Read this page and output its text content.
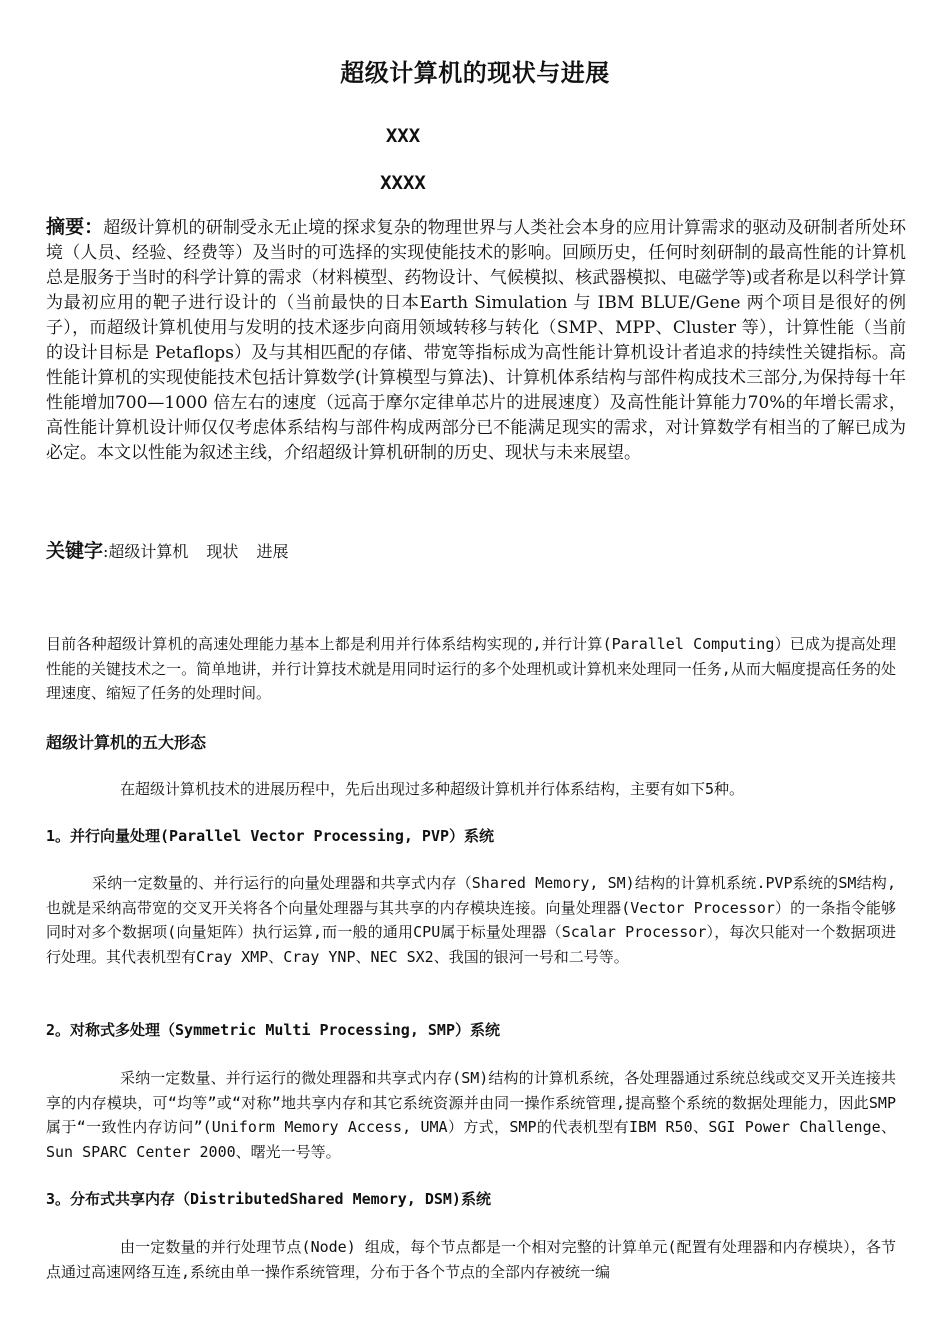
超级计算机的现状与进展
XXX
XXXX

摘要：超级计算机的研制受永无止境的探求复杂的物理世界与人类社会本身的应用计算需求的驱动及研制者所处环境（人员、经验、经费等）及当时的可选择的实现使能技术的影响。回顾历史，任何时刻研制的最高性能的计算机总是服务于当时的科学计算的需求（材料模型、药物设计、气候模拟、核武器模拟、电磁学等)或者称是以科学计算为最初应用的靶子进行设计的（当前最快的日本Earth Simulation 与 IBM BLUE/Gene 两个项目是很好的例子），而超级计算机使用与发明的技术逐步向商用领域转移与转化（SMP、MPP、Cluster 等），计算性能（当前的设计目标是 Petaflops）及与其相匹配的存储、带宽等指标成为高性能计算机设计者追求的持续性关键指标。高性能计算机的实现使能技术包括计算数学(计算模型与算法)、计算机体系结构与部件构成技术三部分,为保持每十年性能增加700—1000 倍左右的速度（远高于摩尔定律单芯片的进展速度）及高性能计算能力70%的年增长需求，高性能计算机设计师仅仅考虑体系结构与部件构成两部分已不能满足现实的需求，对计算数学有相当的了解已成为必定。本文以性能为叙述主线，介绍超级计算机研制的历史、现状与未来展望。

关键字:超级计算机 现状 进展

目前各种超级计算机的高速处理能力基本上都是利用并行体系结构实现的,并行计算(Parallel Computing）已成为提高处理性能的关键技术之一。简单地讲，并行计算技术就是用同时运行的多个处理机或计算机来处理同一任务,从而大幅度提高任务的处理速度、缩短了任务的处理时间。

超级计算机的五大形态

在超级计算机技术的进展历程中，先后出现过多种超级计算机并行体系结构，主要有如下5种。

1。并行向量处理(Parallel Vector Processing, PVP）系统

采纳一定数量的、并行运行的向量处理器和共享式内存（Shared Memory, SM)结构的计算机系统.PVP系统的SM结构,也就是采纳高带宽的交叉开关将各个向量处理器与其共享的内存模块连接。向量处理器(Vector Processor）的一条指令能够同时对多个数据项(向量矩阵）执行运算,而一般的通用CPU属于标量处理器（Scalar Processor），每次只能对一个数据项进行处理。其代表机型有Cray XMP、Cray YNP、NEC SX2、我国的银河一号和二号等。

2。对称式多处理（Symmetric Multi Processing, SMP）系统

采纳一定数量、并行运行的微处理器和共享式内存(SM)结构的计算机系统，各处理器通过系统总线或交叉开关连接共享的内存模块，可“均等”或“对称”地共享内存和其它系统资源并由同一操作系统管理,提高整个系统的数据处理能力，因此SMP属于“一致性内存访问”(Uniform Memory Access, UMA）方式，SMP的代表机型有IBM R50、SGI Power Challenge、Sun SPARC Center 2000、曙光一号等。

3。分布式共享内存（DistributedShared Memory, DSM)系统

由一定数量的并行处理节点(Node) 组成，每个节点都是一个相对完整的计算单元(配置有处理器和内存模块），各节点通过高速网络互连,系统由单一操作系统管理，分布于各个节点的全部内存被统一编
